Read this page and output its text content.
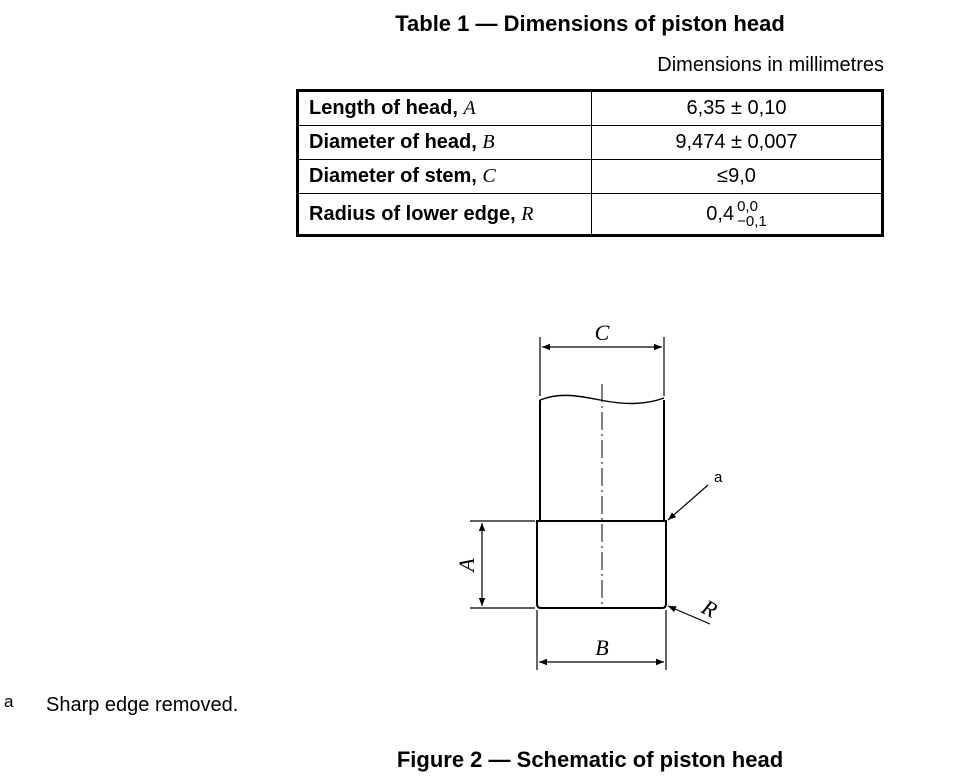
Table 1 — Dimensions of piston head
Dimensions in millimetres
Length of head, A	6,35 ± 0,10
Diameter of head, B	9,474 ± 0,007
Diameter of stem, C	≤9,0
Radius of lower edge, R	0,4 0,0
−0,1
C
B
A
R
a
a Sharp edge removed.
Figure 2 — Schematic of piston head
